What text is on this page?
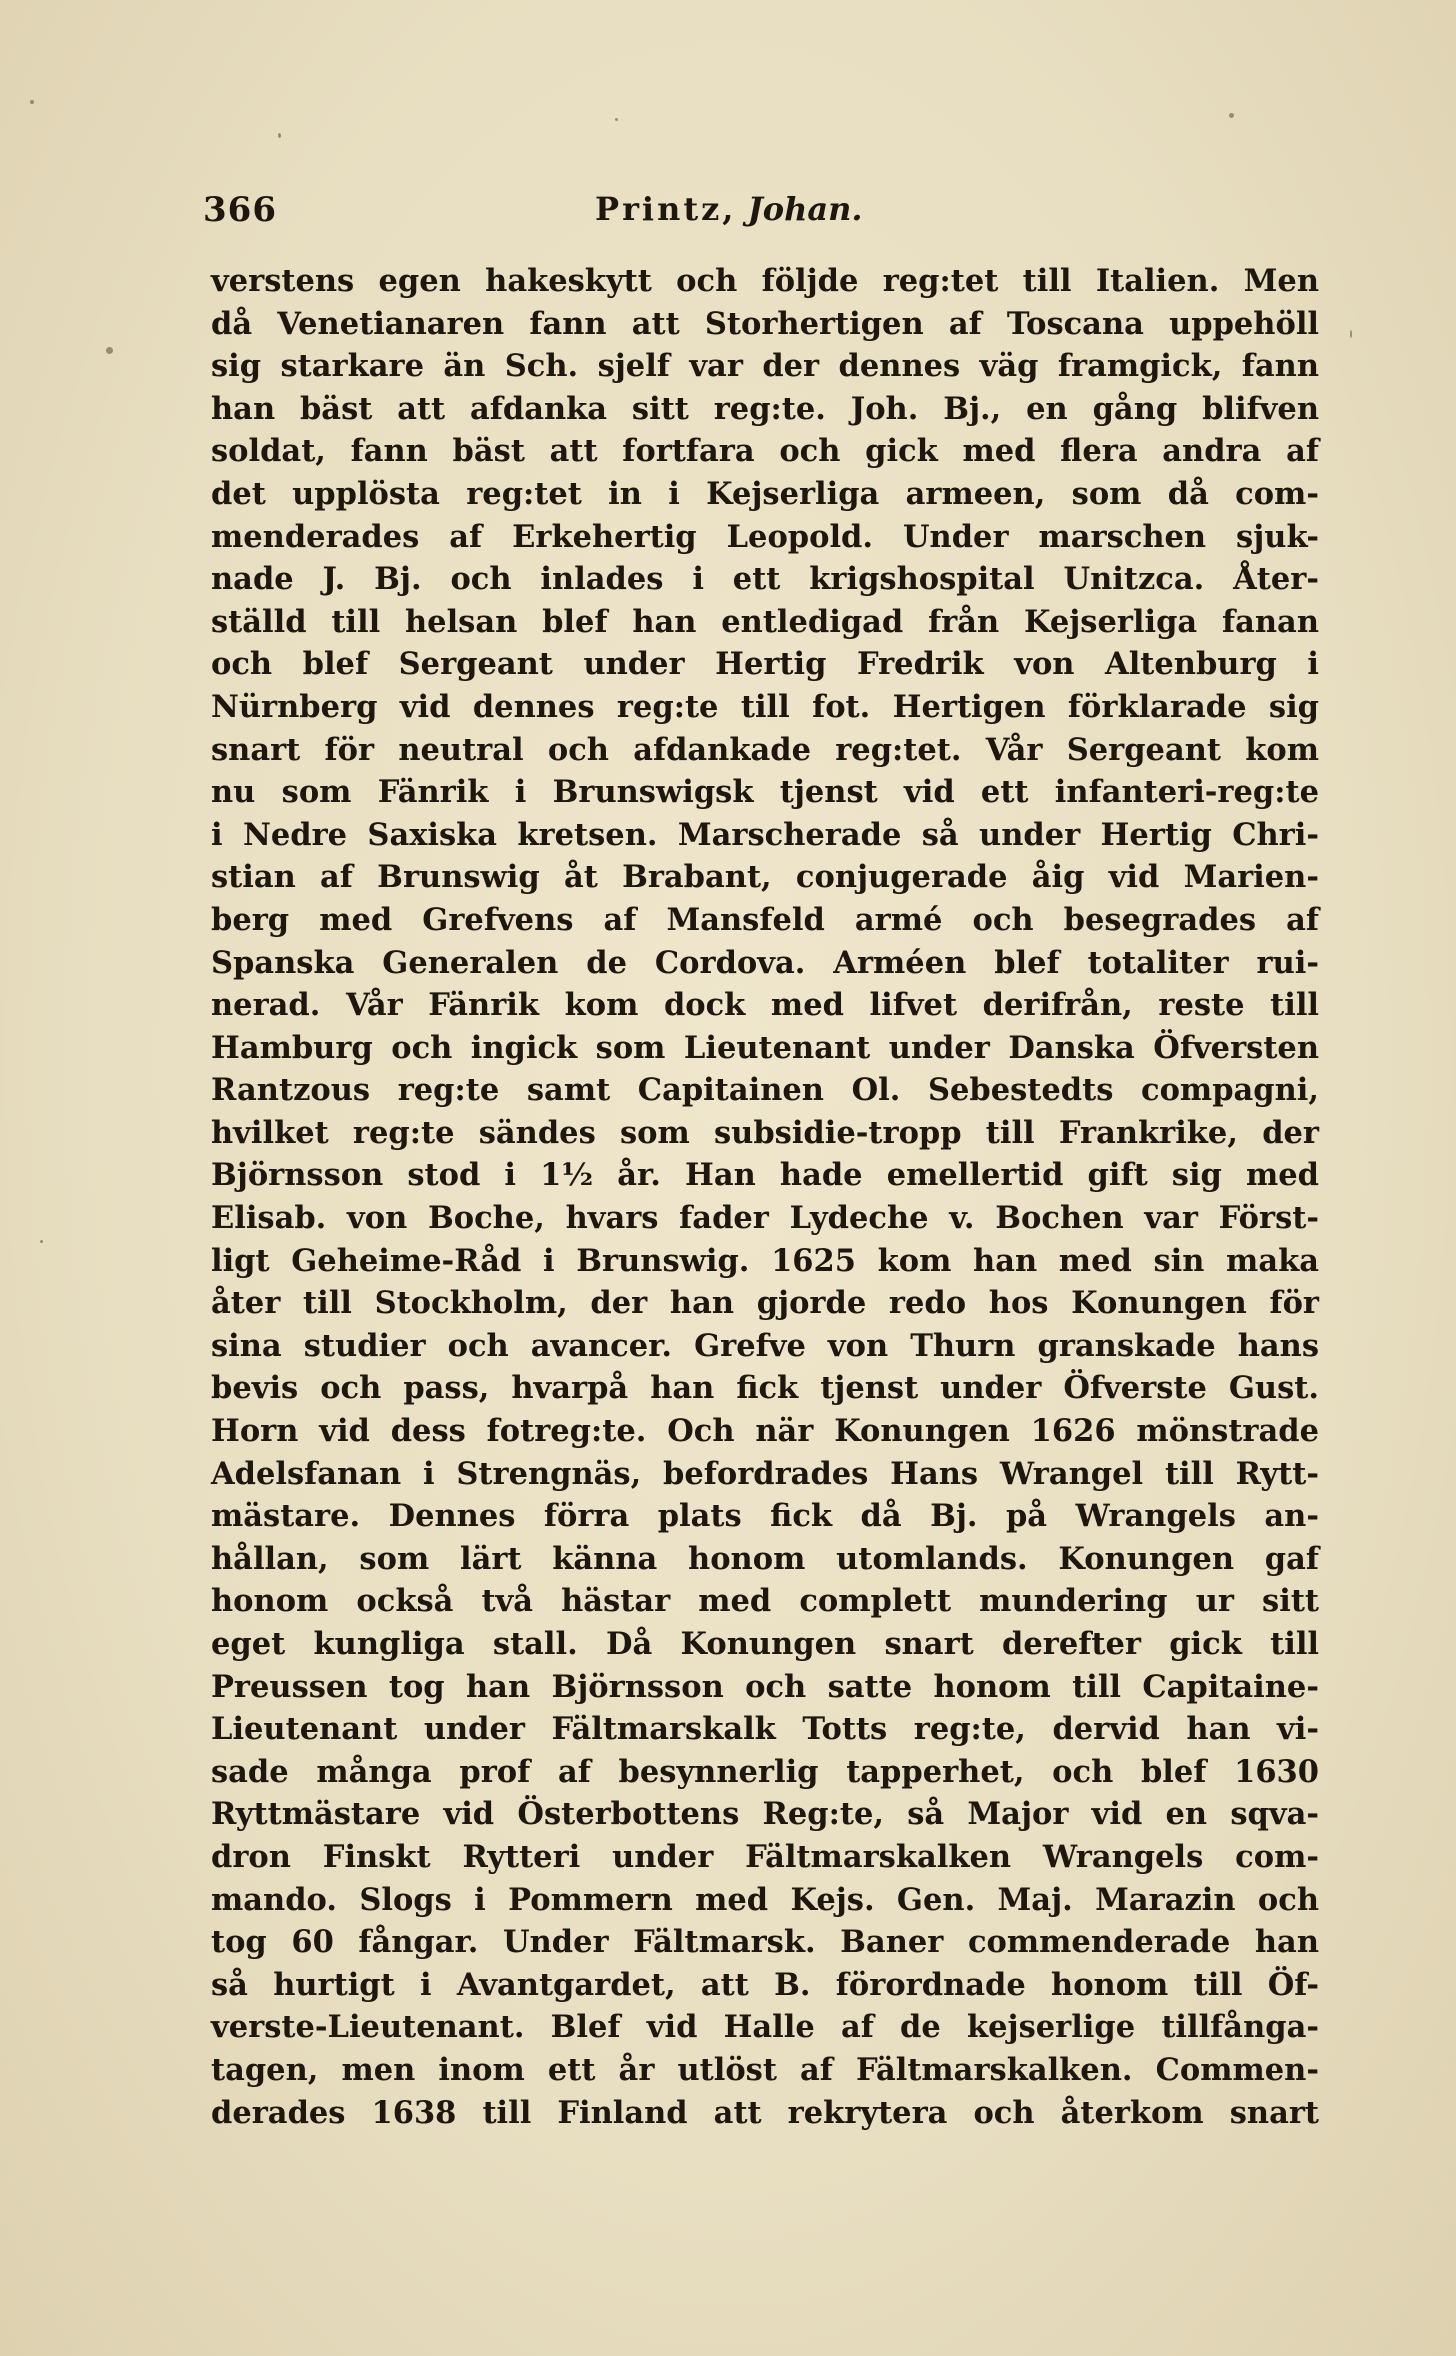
366	Printz, Johan.
verstens egen hakeskytt och följde reg:tet till Italien. Men
då Venetianaren fann att Storhertigen af Toscana uppehöll
sig starkare än Sch. sjelf var der dennes väg framgick, fann
han bäst att afdanka sitt reg:te. Joh. Bj., en gång blifven
soldat, fann bäst att fortfara och gick med flera andra af
det upplösta reg:tet in i Kejserliga armeen, som då com-
menderades af Erkehertig Leopold. Under marschen sjuk-
nade J. Bj. och inlades i ett krigshospital Unitzca. Åter-
ställd till helsan blef han entledigad från Kejserliga fanan
och blef Sergeant under Hertig Fredrik von Altenburg i
Nürnberg vid dennes reg:te till fot. Hertigen förklarade sig
snart för neutral och afdankade reg:tet. Vår Sergeant kom
nu som Fänrik i Brunswigsk tjenst vid ett infanteri-reg:te
i Nedre Saxiska kretsen. Marscherade så under Hertig Chri-
stian af Brunswig åt Brabant, conjugerade åig vid Marien-
berg med Grefvens af Mansfeld armé och besegrades af
Spanska Generalen de Cordova. Arméen blef totaliter rui-
nerad. Vår Fänrik kom dock med lifvet derifrån, reste till
Hamburg och ingick som Lieutenant under Danska Öfversten
Rantzous reg:te samt Capitainen Ol. Sebestedts compagni,
hvilket reg:te sändes som subsidie-tropp till Frankrike, der
Björnsson stod i 1½ år. Han hade emellertid gift sig med
Elisab. von Boche, hvars fader Lydeche v. Bochen var Först-
ligt Geheime-Råd i Brunswig. 1625 kom han med sin maka
åter till Stockholm, der han gjorde redo hos Konungen för
sina studier och avancer. Grefve von Thurn granskade hans
bevis och pass, hvarpå han fick tjenst under Öfverste Gust.
Horn vid dess fotreg:te. Och när Konungen 1626 mönstrade
Adelsfanan i Strengnäs, befordrades Hans Wrangel till Rytt-
mästare. Dennes förra plats fick då Bj. på Wrangels an-
hållan, som lärt känna honom utomlands. Konungen gaf
honom också två hästar med complett mundering ur sitt
eget kungliga stall. Då Konungen snart derefter gick till
Preussen tog han Björnsson och satte honom till Capitaine-
Lieutenant under Fältmarskalk Totts reg:te, dervid han vi-
sade många prof af besynnerlig tapperhet, och blef 1630
Ryttmästare vid Österbottens Reg:te, så Major vid en sqva-
dron Finskt Rytteri under Fältmarskalken Wrangels com-
mando. Slogs i Pommern med Kejs. Gen. Maj. Marazin och
tog 60 fångar. Under Fältmarsk. Baner commenderade han
så hurtigt i Avantgardet, att B. förordnade honom till Öf-
verste-Lieutenant. Blef vid Halle af de kejserlige tillfånga-
tagen, men inom ett år utlöst af Fältmarskalken. Commen-
derades 1638 till Finland att rekrytera och återkom snart
